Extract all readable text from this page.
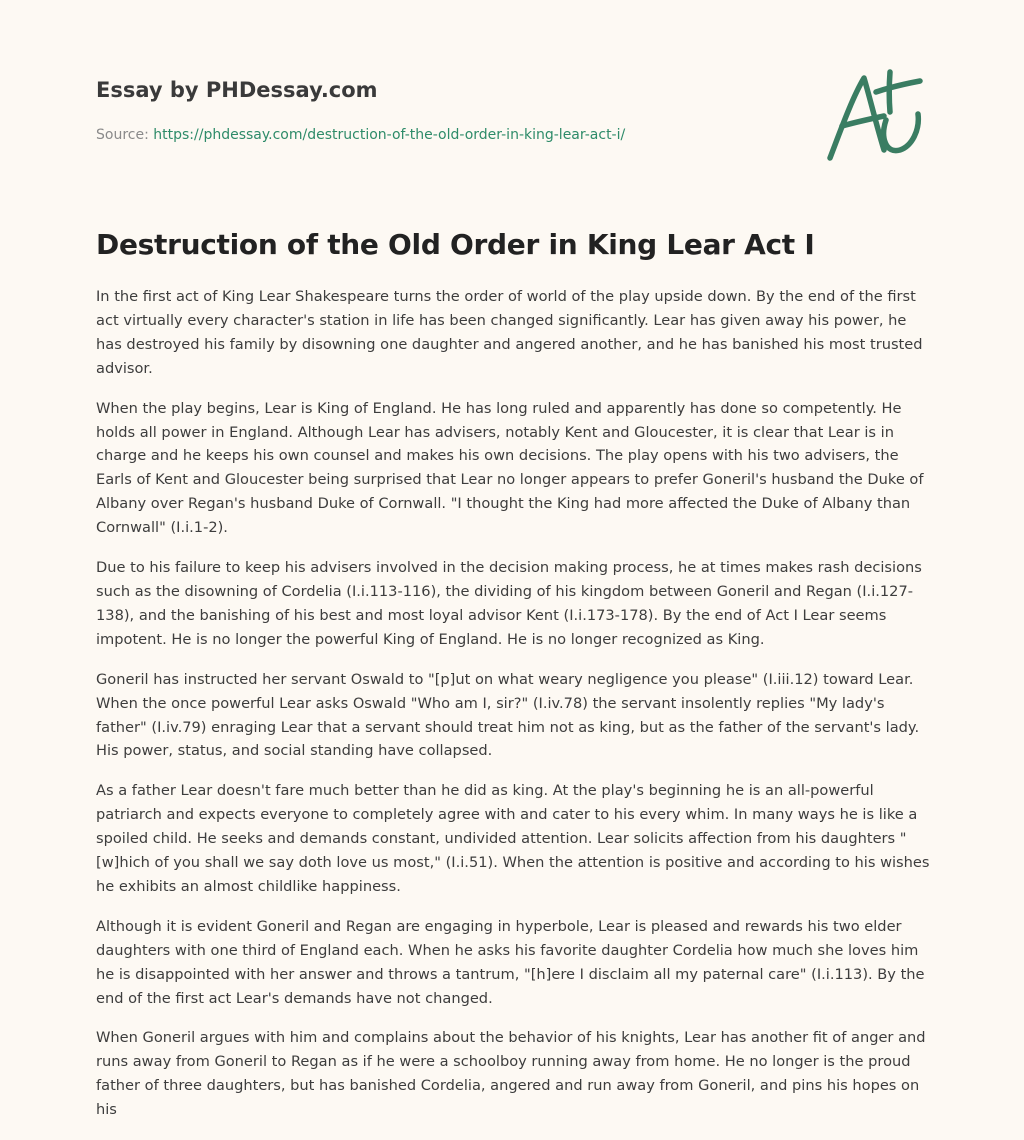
Essay by PHDessay.com
Source: https://phdessay.com/destruction-of-the-old-order-in-king-lear-act-i/
Destruction of the Old Order in King Lear Act I

In the first act of King Lear Shakespeare turns the order of world of the play upside down. By the end of the first act virtually every character's station in life has been changed significantly. Lear has given away his power, he has destroyed his family by disowning one daughter and angered another, and he has banished his most trusted advisor.

When the play begins, Lear is King of England. He has long ruled and apparently has done so competently. He holds all power in England. Although Lear has advisers, notably Kent and Gloucester, it is clear that Lear is in charge and he keeps his own counsel and makes his own decisions. The play opens with his two advisers, the Earls of Kent and Gloucester being surprised that Lear no longer appears to prefer Goneril's husband the Duke of Albany over Regan's husband Duke of Cornwall. "I thought the King had more affected the Duke of Albany than Cornwall" (I.i.1-2).

Due to his failure to keep his advisers involved in the decision making process, he at times makes rash decisions such as the disowning of Cordelia (I.i.113-116), the dividing of his kingdom between Goneril and Regan (I.i.127-138), and the banishing of his best and most loyal advisor Kent (I.i.173-178). By the end of Act I Lear seems impotent. He is no longer the powerful King of England. He is no longer recognized as King.

Goneril has instructed her servant Oswald to "[p]ut on what weary negligence you please" (I.iii.12) toward Lear. When the once powerful Lear asks Oswald "Who am I, sir?" (I.iv.78) the servant insolently replies "My lady's father" (I.iv.79) enraging Lear that a servant should treat him not as king, but as the father of the servant's lady. His power, status, and social standing have collapsed.

As a father Lear doesn't fare much better than he did as king. At the play's beginning he is an all-powerful patriarch and expects everyone to completely agree with and cater to his every whim. In many ways he is like a spoiled child. He seeks and demands constant, undivided attention. Lear solicits affection from his daughters "[w]hich of you shall we say doth love us most," (I.i.51). When the attention is positive and according to his wishes he exhibits an almost childlike happiness.

Although it is evident Goneril and Regan are engaging in hyperbole, Lear is pleased and rewards his two elder daughters with one third of England each. When he asks his favorite daughter Cordelia how much she loves him he is disappointed with her answer and throws a tantrum, "[h]ere I disclaim all my paternal care" (I.i.113). By the end of the first act Lear's demands have not changed.

When Goneril argues with him and complains about the behavior of his knights, Lear has another fit of anger and runs away from Goneril to Regan as if he were a schoolboy running away from home. He no longer is the proud father of three daughters, but has banished Cordelia, angered and run away from Goneril, and pins his hopes on his
